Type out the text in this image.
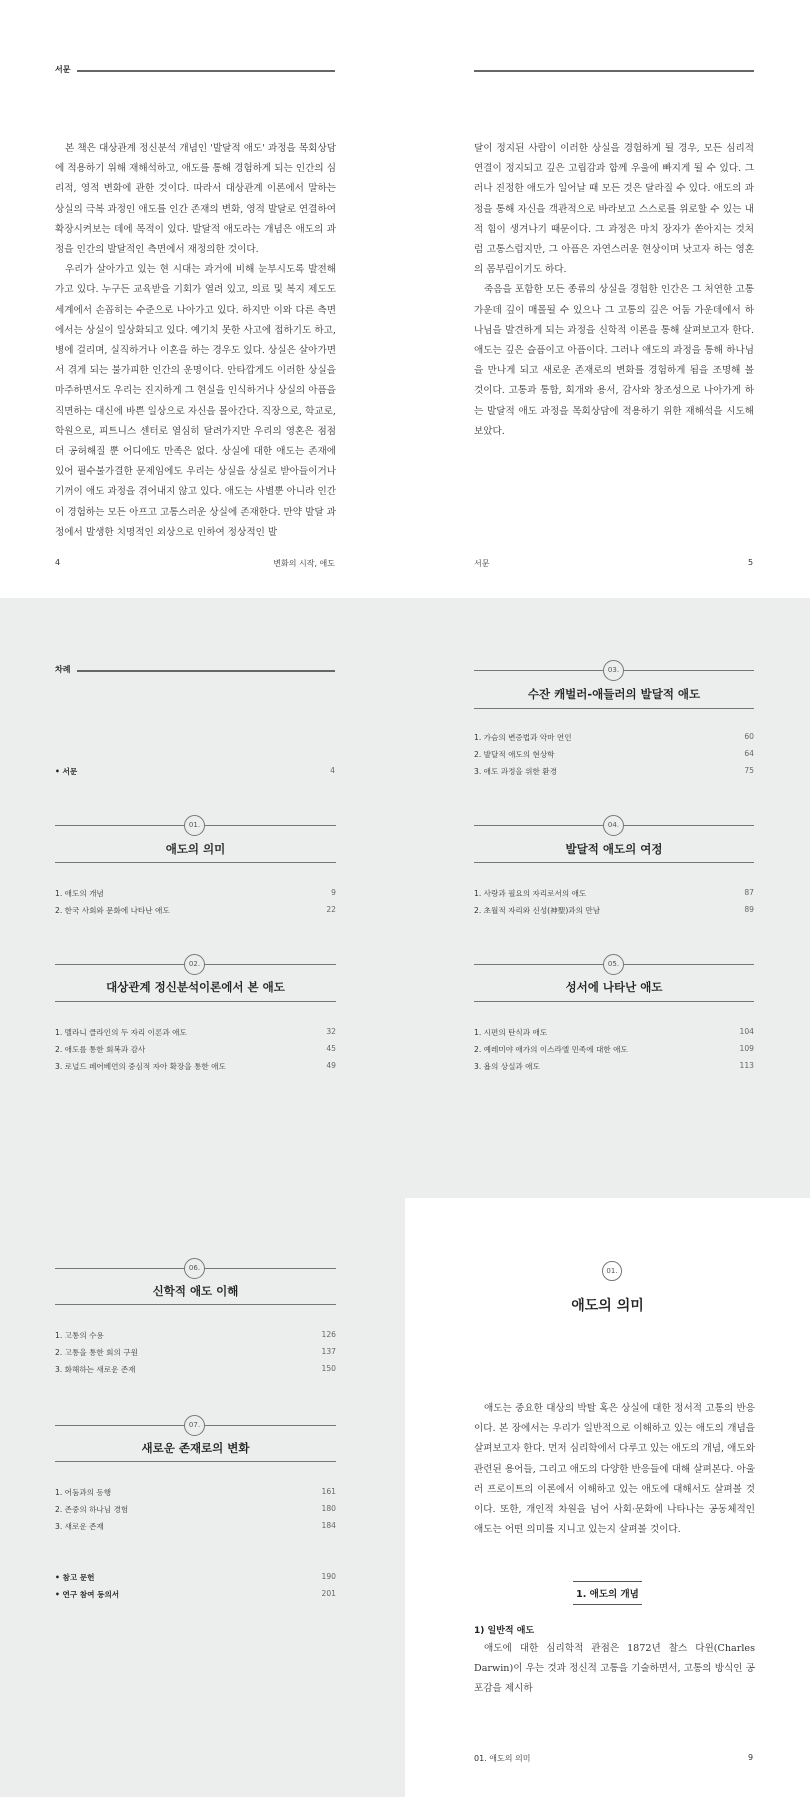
서문

본 책은 대상관계 정신분석 개념인 '발달적 애도' 과정을 목회상담에 적용하기 위해 재해석하고, 애도를 통해 경험하게 되는 인간의 심리적, 영적 변화에 관한 것이다. 따라서 대상관계 이론에서 말하는 상실의 극복 과정인 애도를 인간 존재의 변화, 영적 발달로 연결하여 확장시켜보는 데에 목적이 있다. 발달적 애도라는 개념은 애도의 과정을 인간의 발달적인 측면에서 재정의한 것이다.

우리가 살아가고 있는 현 시대는 과거에 비해 눈부시도록 발전해 가고 있다. 누구든 교육받을 기회가 열려 있고, 의료 및 복지 제도도 세계에서 손꼽히는 수준으로 나아가고 있다. 하지만 이와 다른 측면에서는 상실이 일상화되고 있다. 예기치 못한 사고에 접하기도 하고, 병에 걸리며, 실직하거나 이혼을 하는 경우도 있다. 상실은 살아가면서 겪게 되는 불가피한 인간의 운명이다. 안타깝게도 이러한 상실을 마주하면서도 우리는 진지하게 그 현실을 인식하거나 상실의 아픔을 직면하는 대신에 바쁜 일상으로 자신을 몰아간다. 직장으로, 학교로, 학원으로, 피트니스 센터로 열심히 달려가지만 우리의 영혼은 점점 더 공허해질 뿐 어디에도 만족은 없다. 상실에 대한 애도는 존재에 있어 필수불가결한 문제임에도 우리는 상실을 상실로 받아들이거나 기꺼이 애도 과정을 겪어내지 않고 있다. 애도는 사별뿐 아니라 인간이 경험하는 모든 아프고 고통스러운 상실에 존재한다. 만약 발달 과정에서 발생한 치명적인 외상으로 인하여 정상적인 발

4	변화의 시작, 애도

달이 정지된 사람이 이러한 상실을 경험하게 될 경우, 모든 심리적 연결이 정지되고 깊은 고립감과 함께 우울에 빠지게 될 수 있다. 그러나 진정한 애도가 일어날 때 모든 것은 달라질 수 있다. 애도의 과정을 통해 자신을 객관적으로 바라보고 스스로를 위로할 수 있는 내적 힘이 생겨나기 때문이다. 그 과정은 마치 장자가 쏟아지는 것처럼 고통스럽지만, 그 아픔은 자연스러운 현상이며 낫고자 하는 영혼의 몸부림이기도 하다.

죽음을 포함한 모든 종류의 상실을 경험한 인간은 그 처연한 고통 가운데 깊이 매몰될 수 있으나 그 고통의 깊은 어둠 가운데에서 하나님을 발견하게 되는 과정을 신학적 이론을 통해 살펴보고자 한다. 애도는 깊은 슬픔이고 아픔이다. 그러나 애도의 과정을 통해 하나님을 만나게 되고 새로운 존재로의 변화를 경험하게 됨을 조명해 볼 것이다. 고통과 통합, 회개와 용서, 감사와 창조성으로 나아가게 하는 발달적 애도 과정을 목회상담에 적용하기 위한 재해석을 시도해 보았다.

서문	5
차례
• 서문	4
01.
애도의 의미
1. 애도의 개념	9
2. 한국 사회와 문화에 나타난 애도	22
02.
대상관계 정신분석이론에서 본 애도
1. 멜라니 클라인의 두 자리 이론과 애도	32
2. 애도를 통한 회복과 감사	45
3. 로널드 페어베언의 중심적 자아 확장을 통한 애도	49
03.
수잔 캐벌러-애들러의 발달적 애도
1. 가슴의 변증법과 악마 연인	60
2. 발달적 애도의 현상학	64
3. 애도 과정을 위한 환경	75
04.
발달적 애도의 여정
1. 사랑과 필요의 자리로서의 애도	87
2. 초월적 자리와 신성(神聖)과의 만남	89
05.
성서에 나타난 애도
1. 시편의 탄식과 애도	104
2. 예레미야 애가의 이스라엘 민족에 대한 애도	109
3. 욥의 상실과 애도	113
06.
신학적 애도 이해
1. 고통의 수용	126
2. 고통을 통한 회의 구원	137
3. 화해하는 새로운 존재	150
07.
새로운 존재로의 변화
1. 어둠과의 동행	161
2. 존중의 하나님 경험	180
3. 새로운 존재	184
• 참고 문헌	190
• 연구 참여 동의서	201
01.
애도의 의미

애도는 중요한 대상의 박탈 혹은 상실에 대한 정서적 고통의 반응이다. 본 장에서는 우리가 일반적으로 이해하고 있는 애도의 개념을 살펴보고자 한다. 먼저 심리학에서 다루고 있는 애도의 개념, 애도와 관련된 용어들, 그리고 애도의 다양한 반응들에 대해 살펴본다. 아울러 프로이트의 이론에서 이해하고 있는 애도에 대해서도 살펴볼 것이다. 또한, 개인적 차원을 넘어 사회·문화에 나타나는 공동체적인 애도는 어떤 의미를 지니고 있는지 살펴볼 것이다.

1. 애도의 개념
1) 일반적 애도

애도에 대한 심리학적 관점은 1872년 찰스 다윈(Charles Darwin)이 우는 것과 정신적 고통을 기술하면서, 고통의 방식인 공포감을 제시하

01. 애도의 의미	9
